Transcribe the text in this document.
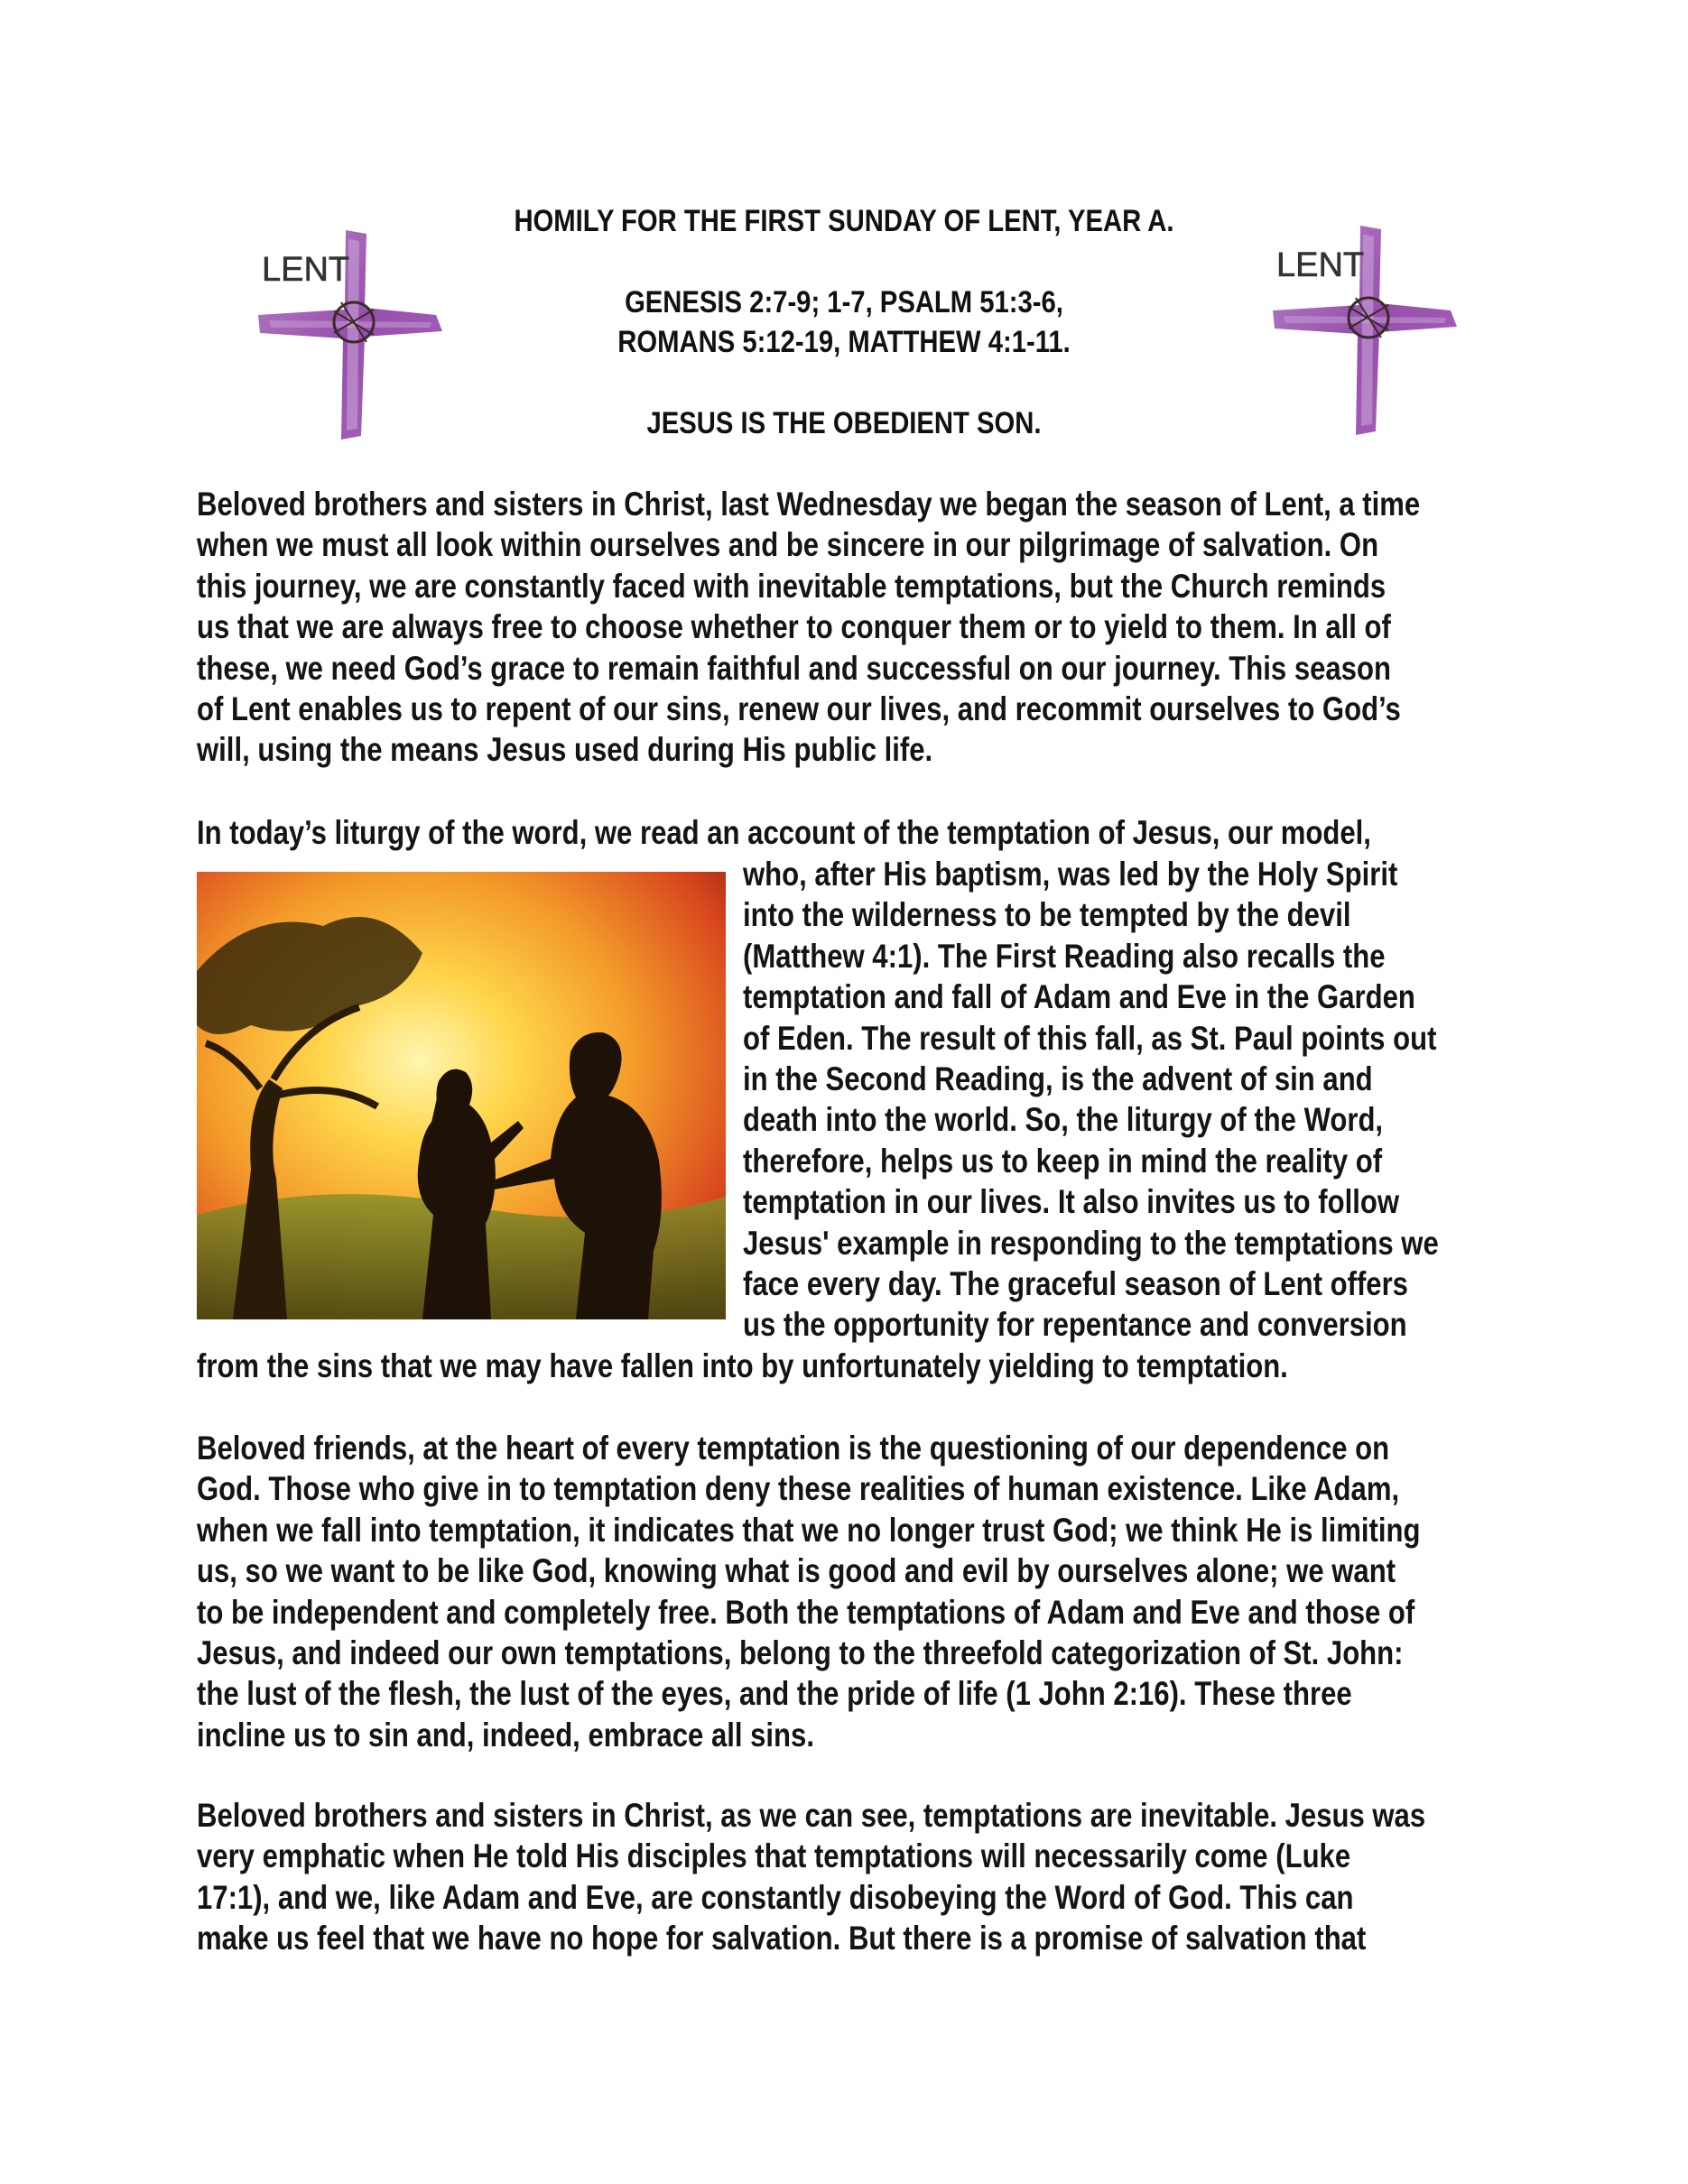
LENT	LENT
HOMILY FOR THE FIRST SUNDAY OF LENT, YEAR A.
GENESIS 2:7-9; 1-7, PSALM 51:3-6,
ROMANS 5:12-19, MATTHEW 4:1-11.
JESUS IS THE OBEDIENT SON.
Beloved brothers and sisters in Christ, last Wednesday we began the season of Lent, a time
when we must all look within ourselves and be sincere in our pilgrimage of salvation. On
this journey, we are constantly faced with inevitable temptations, but the Church reminds
us that we are always free to choose whether to conquer them or to yield to them. In all of
these, we need God’s grace to remain faithful and successful on our journey. This season
of Lent enables us to repent of our sins, renew our lives, and recommit ourselves to God’s
will, using the means Jesus used during His public life.
In today’s liturgy of the word, we read an account of the temptation of Jesus, our model,
who, after His baptism, was led by the Holy Spirit
into the wilderness to be tempted by the devil
(Matthew 4:1). The First Reading also recalls the
temptation and fall of Adam and Eve in the Garden
of Eden. The result of this fall, as St. Paul points out
in the Second Reading, is the advent of sin and
death into the world. So, the liturgy of the Word,
therefore, helps us to keep in mind the reality of
temptation in our lives. It also invites us to follow
Jesus' example in responding to the temptations we
face every day. The graceful season of Lent offers
us the opportunity for repentance and conversion
from the sins that we may have fallen into by unfortunately yielding to temptation.
Beloved friends, at the heart of every temptation is the questioning of our dependence on
God. Those who give in to temptation deny these realities of human existence. Like Adam,
when we fall into temptation, it indicates that we no longer trust God; we think He is limiting
us, so we want to be like God, knowing what is good and evil by ourselves alone; we want
to be independent and completely free. Both the temptations of Adam and Eve and those of
Jesus, and indeed our own temptations, belong to the threefold categorization of St. John:
the lust of the flesh, the lust of the eyes, and the pride of life (1 John 2:16). These three
incline us to sin and, indeed, embrace all sins.
Beloved brothers and sisters in Christ, as we can see, temptations are inevitable. Jesus was
very emphatic when He told His disciples that temptations will necessarily come (Luke
17:1), and we, like Adam and Eve, are constantly disobeying the Word of God. This can
make us feel that we have no hope for salvation. But there is a promise of salvation that
